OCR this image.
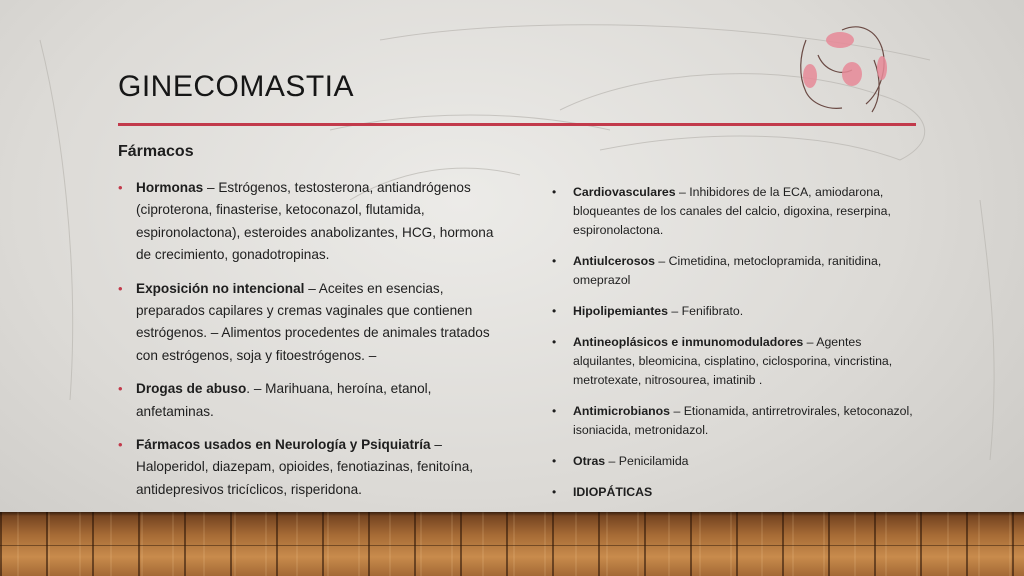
GINECOMASTIA
Fármacos
• Hormonas – Estrógenos, testosterona, antiandrógenos (ciproterona, finasterise, ketoconazol, flutamida, espironolactona), esteroides anabolizantes, HCG, hormona de crecimiento, gonadotropinas.
• Exposición no intencional – Aceites en esencias, preparados capilares y cremas vaginales que contienen estrógenos. – Alimentos procedentes de animales tratados con estrógenos, soja y fitoestrógenos. –
• Drogas de abuso. – Marihuana, heroína, etanol, anfetaminas.
• Fármacos usados en Neurología y Psiquiatría – Haloperidol, diazepam, opioides, fenotiazinas, fenitoína, antidepresivos tricíclicos, risperidona.
• Cardiovasculares – Inhibidores de la ECA, amiodarona, bloqueantes de los canales del calcio, digoxina, reserpina, espironolactona.
• Antiulcerosos – Cimetidina, metoclopramida, ranitidina, omeprazol
• Hipolipemiantes – Fenifibrato.
• Antineoplásicos e inmunomoduladores – Agentes alquilantes, bleomicina, cisplatino, ciclosporina, vincristina, metrotexate, nitrosourea, imatinib .
• Antimicrobianos – Etionamida, antirretrovirales, ketoconazol, isoniacida, metronidazol.
• Otras – Penicilamida
• IDIOPÁTICAS
